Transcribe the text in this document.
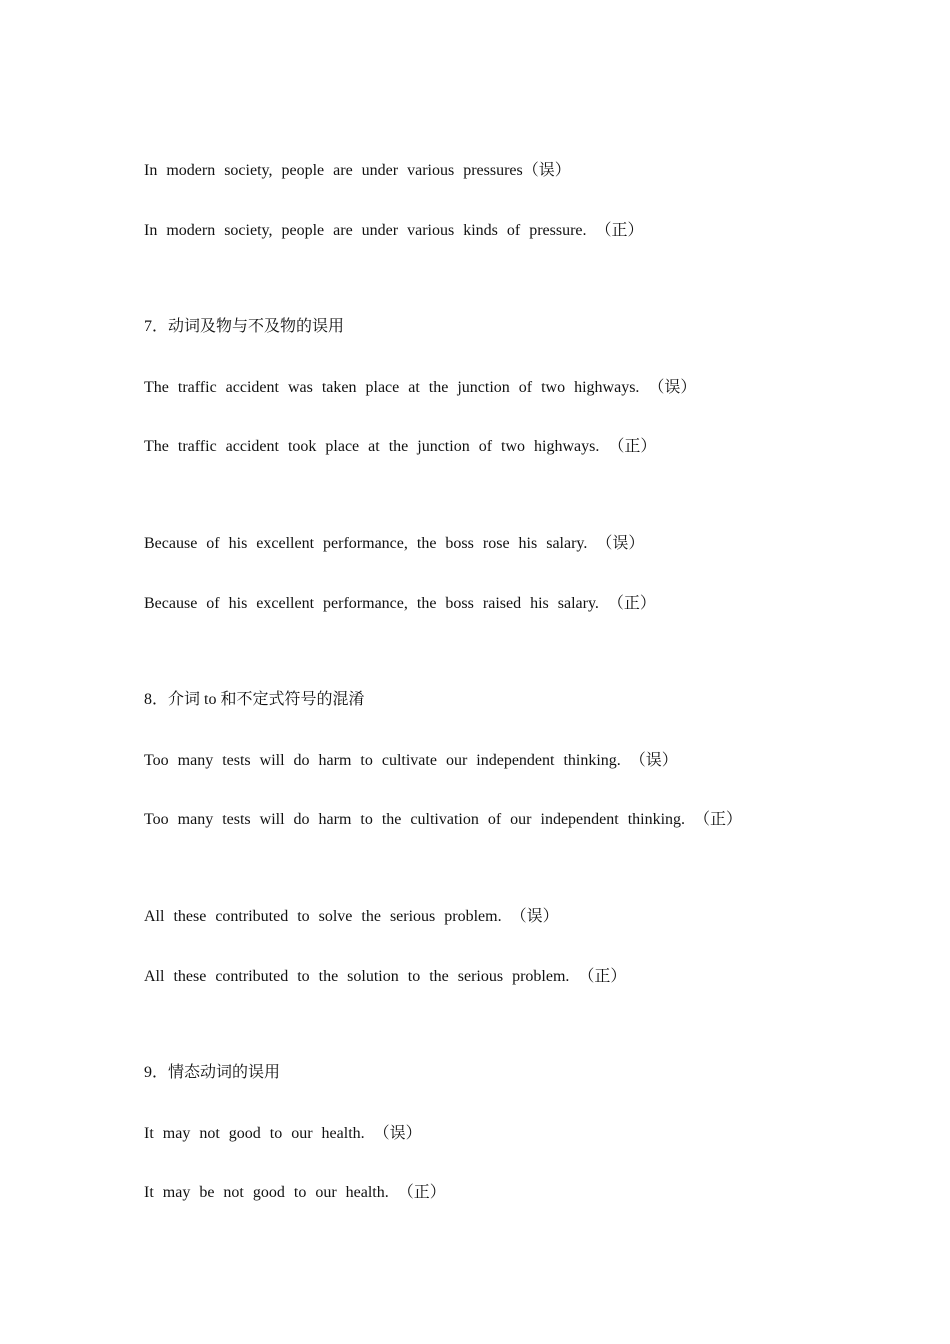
In modern society, people are under various pressures（误）
In modern society, people are under various kinds of pressure. （正）
7．动词及物与不及物的误用
The traffic accident was taken place at the junction of two highways. （误）
The traffic accident took place at the junction of two highways. （正）
Because of his excellent performance, the boss rose his salary. （误）
Because of his excellent performance, the boss raised his salary. （正）
8．介词 to 和不定式符号的混淆
Too many tests will do harm to cultivate our independent thinking. （误）
Too many tests will do harm to the cultivation of our independent thinking. （正）
All these contributed to solve the serious problem. （误）
All these contributed to the solution to the serious problem. （正）
9．情态动词的误用
It may not good to our health. （误）
It may be not good to our health. （正）
